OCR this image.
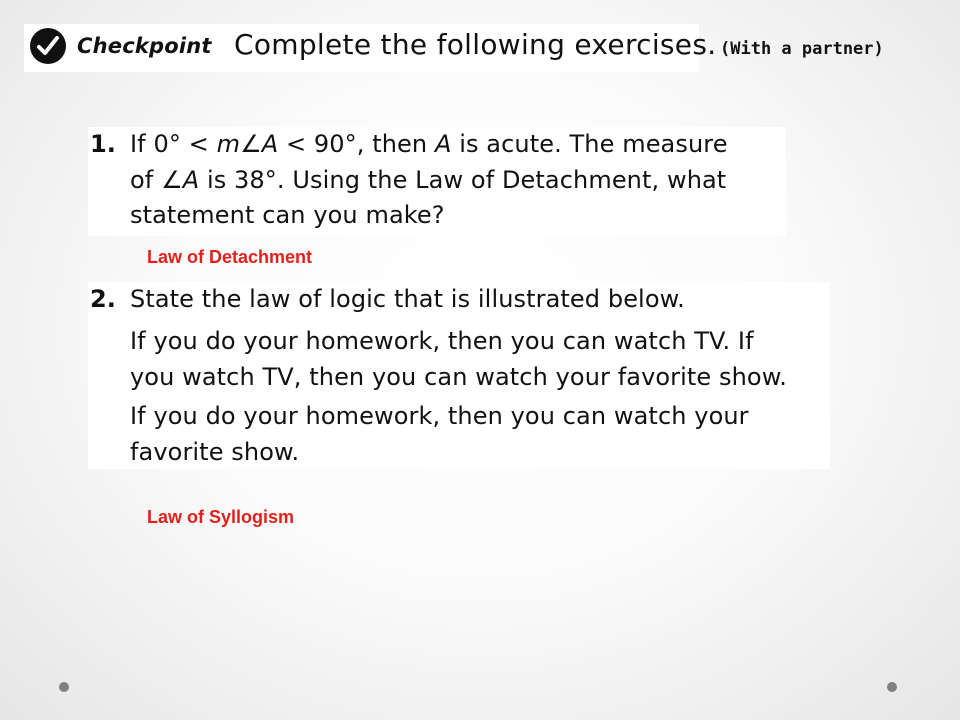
Checkpoint Complete the following exercises. (With a partner)
1. If 0° < m∠A < 90°, then A is acute. The measure
of ∠A is 38°. Using the Law of Detachment, what
statement can you make?
Law of Detachment
2. State the law of logic that is illustrated below.
If you do your homework, then you can watch TV. If
you watch TV, then you can watch your favorite show.
If you do your homework, then you can watch your
favorite show.
Law of Syllogism
